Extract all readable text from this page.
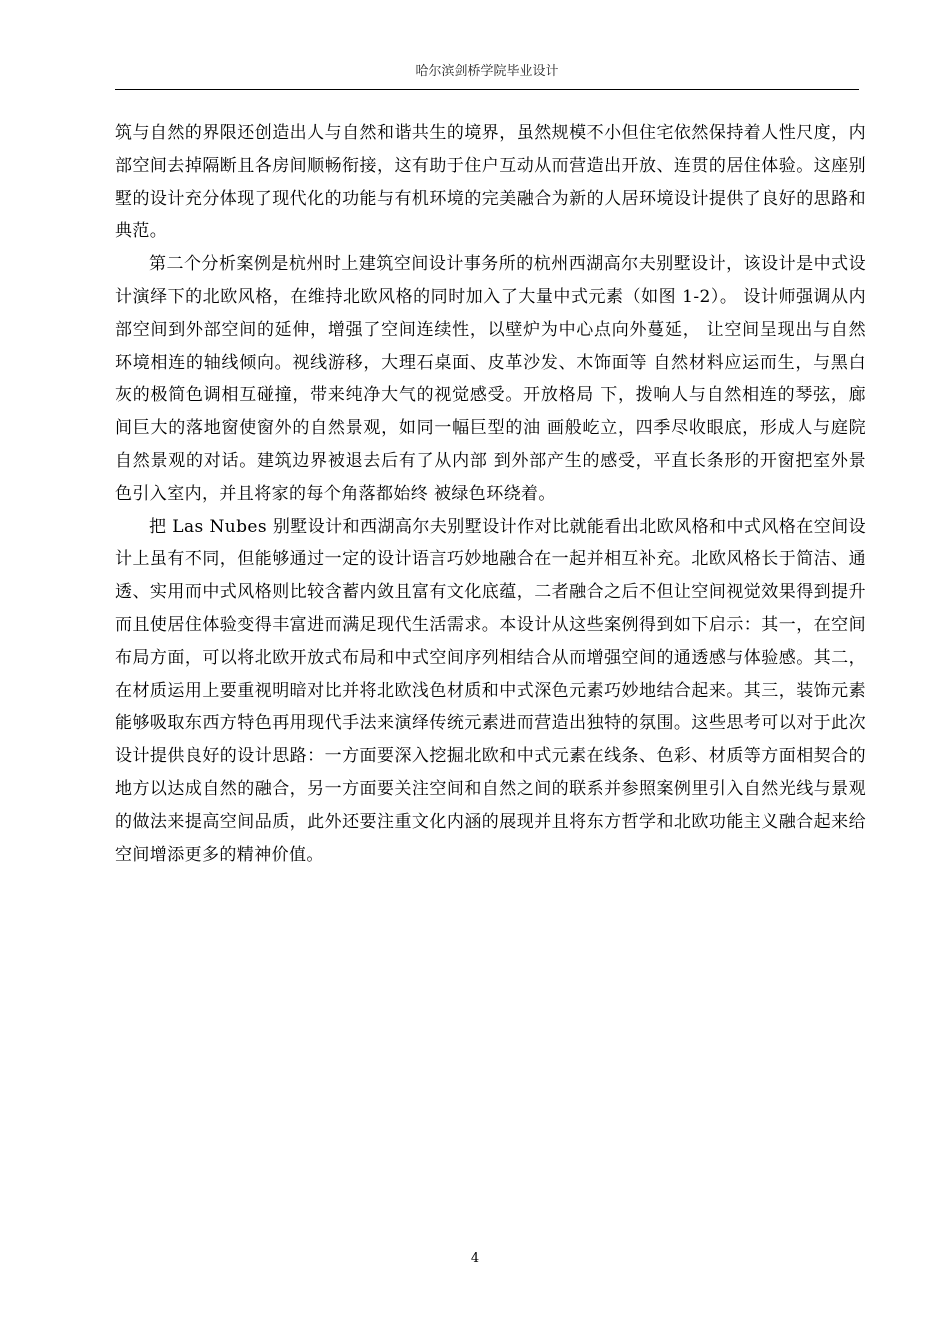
哈尔滨剑桥学院毕业设计

筑与自然的界限还创造出人与自然和谐共生的境界，虽然规模不小但住宅依然保持着人性尺度，内部空间去掉隔断且各房间顺畅衔接，这有助于住户互动从而营造出开放、连贯的居住体验。这座别墅的设计充分体现了现代化的功能与有机环境的完美融合为新的人居环境设计提供了良好的思路和典范。

第二个分析案例是杭州时上建筑空间设计事务所的杭州西湖高尔夫别墅设计，该设计是中式设计演绎下的北欧风格，在维持北欧风格的同时加入了大量中式元素（如图 1-2）。 设计师强调从内部空间到外部空间的延伸，增强了空间连续性，以壁炉为中心点向外蔓延， 让空间呈现出与自然环境相连的轴线倾向。视线游移，大理石桌面、皮革沙发、木饰面等 自然材料应运而生，与黑白灰的极简色调相互碰撞，带来纯净大气的视觉感受。开放格局 下，拨响人与自然相连的琴弦，廊间巨大的落地窗使窗外的自然景观，如同一幅巨型的油 画般屹立，四季尽收眼底，形成人与庭院自然景观的对话。建筑边界被退去后有了从内部 到外部产生的感受，平直长条形的开窗把室外景色引入室内，并且将家的每个角落都始终 被绿色环绕着。

把 Las Nubes 别墅设计和西湖高尔夫别墅设计作对比就能看出北欧风格和中式风格在空间设计上虽有不同，但能够通过一定的设计语言巧妙地融合在一起并相互补充。北欧风格长于简洁、通透、实用而中式风格则比较含蓄内敛且富有文化底蕴，二者融合之后不但让空间视觉效果得到提升而且使居住体验变得丰富进而满足现代生活需求。本设计从这些案例得到如下启示：其一，在空间布局方面，可以将北欧开放式布局和中式空间序列相结合从而增强空间的通透感与体验感。其二，在材质运用上要重视明暗对比并将北欧浅色材质和中式深色元素巧妙地结合起来。其三，装饰元素能够吸取东西方特色再用现代手法来演绎传统元素进而营造出独特的氛围。这些思考可以对于此次设计提供良好的设计思路：一方面要深入挖掘北欧和中式元素在线条、色彩、材质等方面相契合的地方以达成自然的融合，另一方面要关注空间和自然之间的联系并参照案例里引入自然光线与景观的做法来提高空间品质，此外还要注重文化内涵的展现并且将东方哲学和北欧功能主义融合起来给空间增添更多的精神价值。

4
